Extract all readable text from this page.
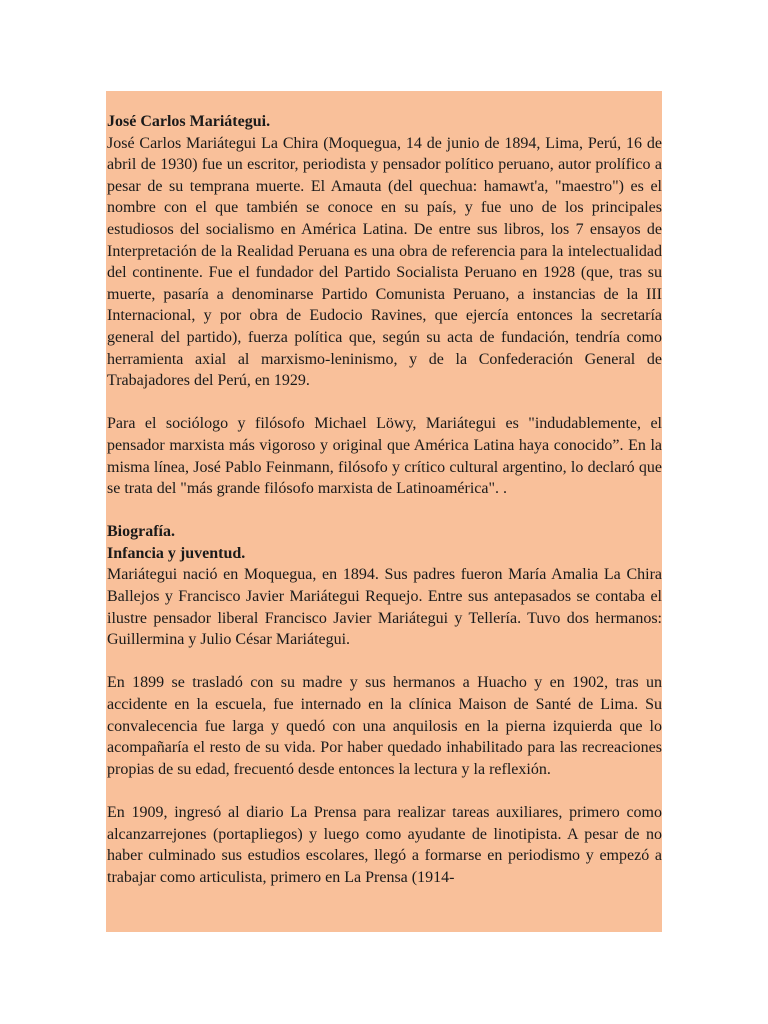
José Carlos Mariátegui.
José Carlos Mariátegui La Chira (Moquegua, 14 de junio de 1894, Lima, Perú, 16 de abril de 1930) fue un escritor, periodista y pensador político peruano, autor prolífico a pesar de su temprana muerte. El Amauta (del quechua: hamawt'a, "maestro") es el nombre con el que también se conoce en su país, y fue uno de los principales estudiosos del socialismo en América Latina. De entre sus libros, los 7 ensayos de Interpretación de la Realidad Peruana es una obra de referencia para la intelectualidad del continente. Fue el fundador del Partido Socialista Peruano en 1928 (que, tras su muerte, pasaría a denominarse Partido Comunista Peruano, a instancias de la III Internacional, y por obra de Eudocio Ravines, que ejercía entonces la secretaría general del partido), fuerza política que, según su acta de fundación, tendría como herramienta axial al marxismo-leninismo, y de la Confederación General de Trabajadores del Perú, en 1929.

Para el sociólogo y filósofo Michael Löwy, Mariátegui es "indudablemente, el pensador marxista más vigoroso y original que América Latina haya conocido”. En la misma línea, José Pablo Feinmann, filósofo y crítico cultural argentino, lo declaró que se trata del "más grande filósofo marxista de Latinoamérica". .

Biografía.
Infancia y juventud.
Mariátegui nació en Moquegua, en 1894. Sus padres fueron María Amalia La Chira Ballejos y Francisco Javier Mariátegui Requejo. Entre sus antepasados se contaba el ilustre pensador liberal Francisco Javier Mariátegui y Tellería. Tuvo dos hermanos: Guillermina y Julio César Mariátegui.

En 1899 se trasladó con su madre y sus hermanos a Huacho y en 1902, tras un accidente en la escuela, fue internado en la clínica Maison de Santé de Lima. Su convalecencia fue larga y quedó con una anquilosis en la pierna izquierda que lo acompañaría el resto de su vida. Por haber quedado inhabilitado para las recreaciones propias de su edad, frecuentó desde entonces la lectura y la reflexión.

En 1909, ingresó al diario La Prensa para realizar tareas auxiliares, primero como alcanzarrejones (portapliegos) y luego como ayudante de linotipista. A pesar de no haber culminado sus estudios escolares, llegó a formarse en periodismo y empezó a trabajar como articulista, primero en La Prensa (1914-
